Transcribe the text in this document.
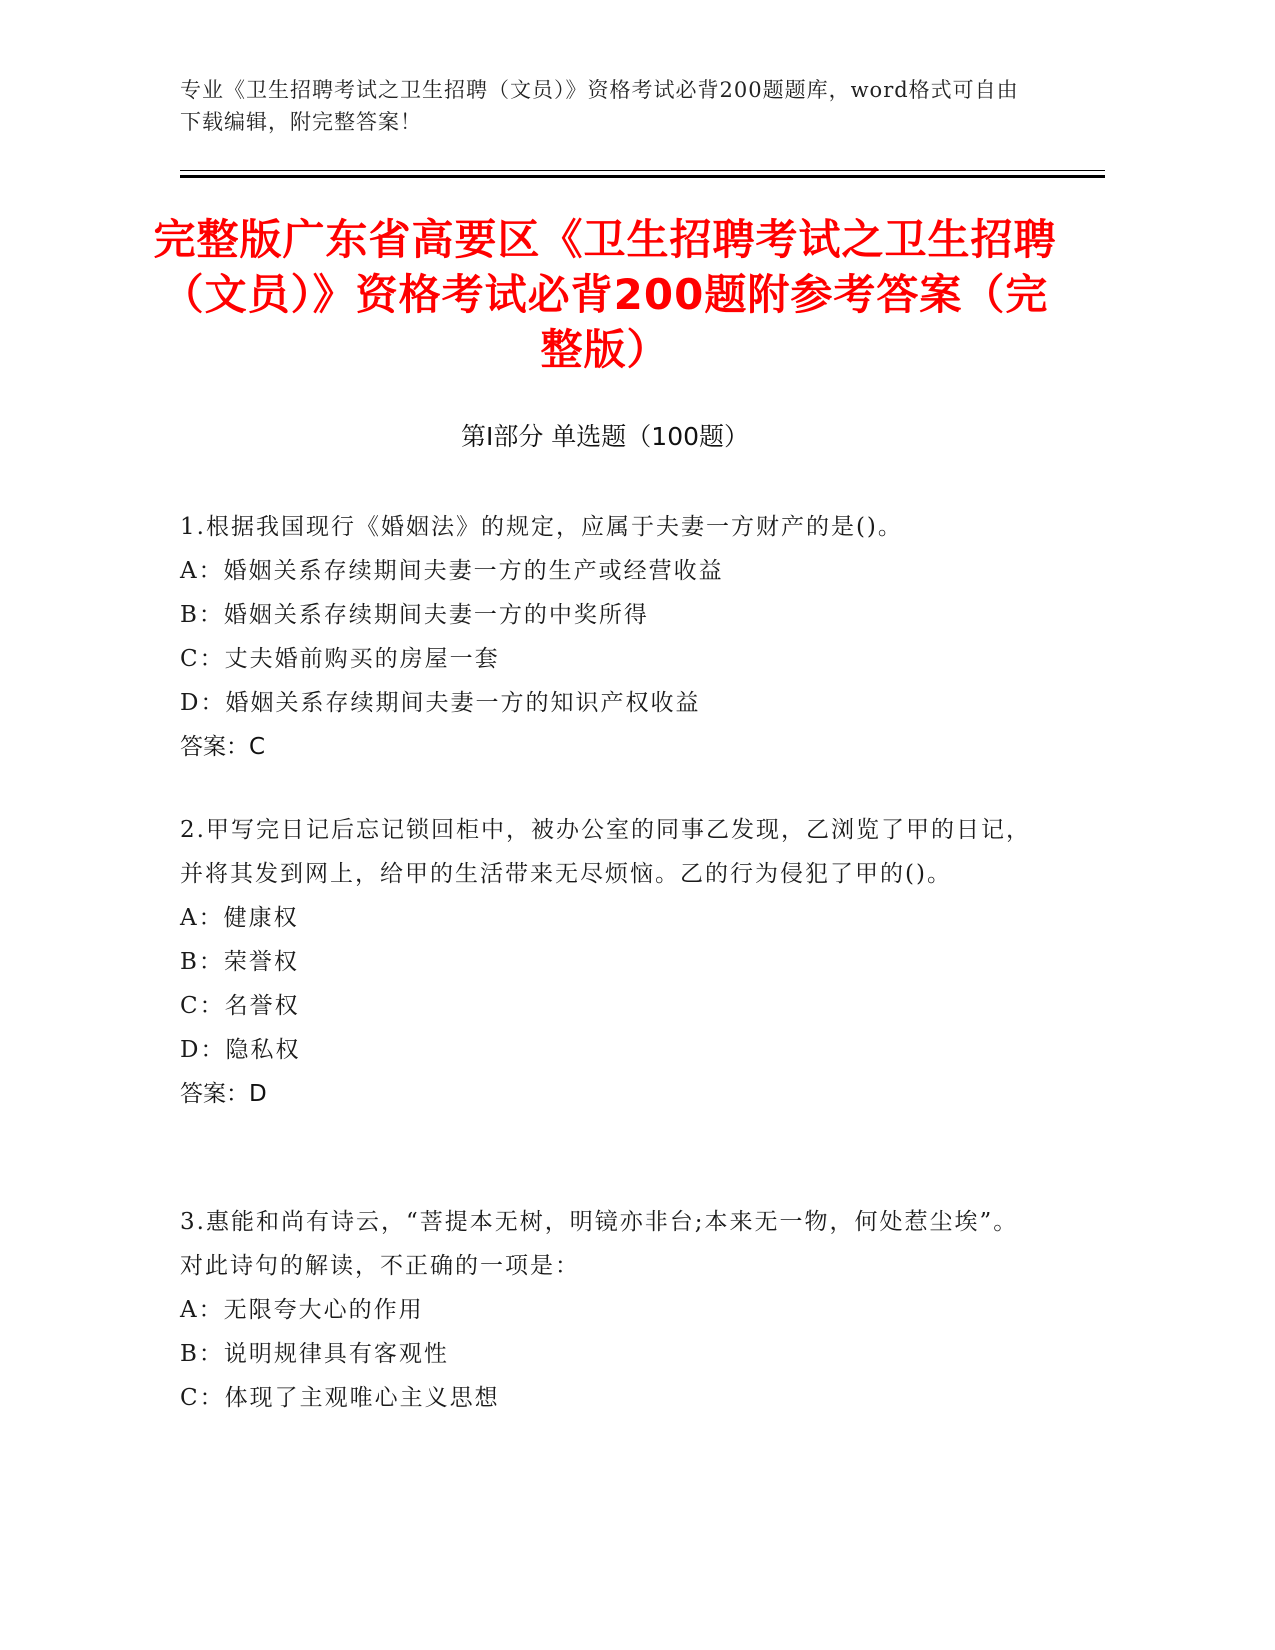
专业《卫生招聘考试之卫生招聘（文员）》资格考试必背200题题库，word格式可自由下载编辑，附完整答案！
完整版广东省高要区《卫生招聘考试之卫生招聘（文员）》资格考试必背200题附参考答案（完整版）
第Ⅰ部分 单选题（100题）

1.根据我国现行《婚姻法》的规定，应属于夫妻一方财产的是()。

A：婚姻关系存续期间夫妻一方的生产或经营收益

B：婚姻关系存续期间夫妻一方的中奖所得

C：丈夫婚前购买的房屋一套

D：婚姻关系存续期间夫妻一方的知识产权收益

答案：C

2.甲写完日记后忘记锁回柜中，被办公室的同事乙发现，乙浏览了甲的日记，并将其发到网上，给甲的生活带来无尽烦恼。乙的行为侵犯了甲的()。

A：健康权

B：荣誉权

C：名誉权

D：隐私权

答案：D

3.惠能和尚有诗云，“菩提本无树，明镜亦非台;本来无一物，何处惹尘埃”。对此诗句的解读，不正确的一项是：

A：无限夸大心的作用

B：说明规律具有客观性

C：体现了主观唯心主义思想
